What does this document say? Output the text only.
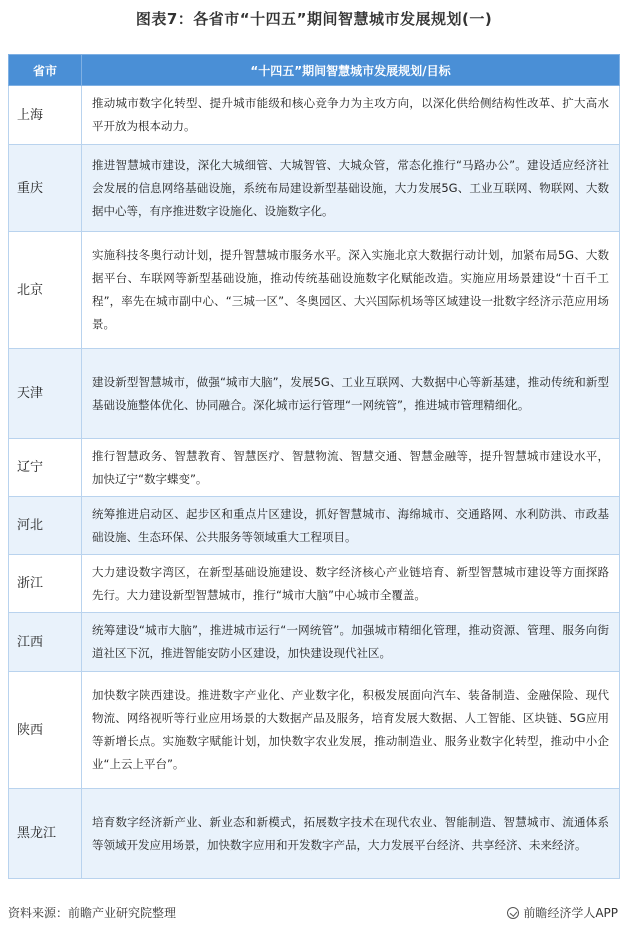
图表7：各省市“十四五”期间智慧城市发展规划(一)
省市	“十四五”期间智慧城市发展规划/目标
上海	推动城市数字化转型、提升城市能级和核心竞争力为主攻方向，以深化供给侧结构性改革、扩大高水平开放为根本动力。
重庆	推进智慧城市建设，深化大城细管、大城智管、大城众管，常态化推行“马路办公”。建设适应经济社会发展的信息网络基础设施，系统布局建设新型基础设施，大力发展5G、工业互联网、物联网、大数据中心等，有序推进数字设施化、设施数字化。
北京	实施科技冬奥行动计划，提升智慧城市服务水平。深入实施北京大数据行动计划，加紧布局5G、大数据平台、车联网等新型基础设施，推动传统基础设施数字化赋能改造。实施应用场景建设“十百千工程”，率先在城市副中心、“三城一区”、冬奥园区、大兴国际机场等区域建设一批数字经济示范应用场景。
天津	建设新型智慧城市，做强“城市大脑”，发展5G、工业互联网、大数据中心等新基建，推动传统和新型基础设施整体优化、协同融合。深化城市运行管理“一网统管”，推进城市管理精细化。
辽宁	推行智慧政务、智慧教育、智慧医疗、智慧物流、智慧交通、智慧金融等，提升智慧城市建设水平，加快辽宁“数字蝶变”。
河北	统筹推进启动区、起步区和重点片区建设，抓好智慧城市、海绵城市、交通路网、水利防洪、市政基础设施、生态环保、公共服务等领域重大工程项目。
浙江	大力建设数字湾区，在新型基础设施建设、数字经济核心产业链培育、新型智慧城市建设等方面探路先行。大力建设新型智慧城市，推行“城市大脑”中心城市全覆盖。
江西	统筹建设“城市大脑”，推进城市运行“一网统管”。加强城市精细化管理，推动资源、管理、服务向街道社区下沉，推进智能安防小区建设，加快建设现代社区。
陕西	加快数字陕西建设。推进数字产业化、产业数字化，积极发展面向汽车、装备制造、金融保险、现代物流、网络视听等行业应用场景的大数据产品及服务，培育发展大数据、人工智能、区块链、5G应用等新增长点。实施数字赋能计划，加快数字农业发展，推动制造业、服务业数字化转型，推动中小企业“上云上平台”。
黑龙江	培育数字经济新产业、新业态和新模式，拓展数字技术在现代农业、智能制造、智慧城市、流通体系等领域开发应用场景，加快数字应用和开发数字产品，大力发展平台经济、共享经济、未来经济。
资料来源：前瞻产业研究院整理	前瞻经济学人APP
